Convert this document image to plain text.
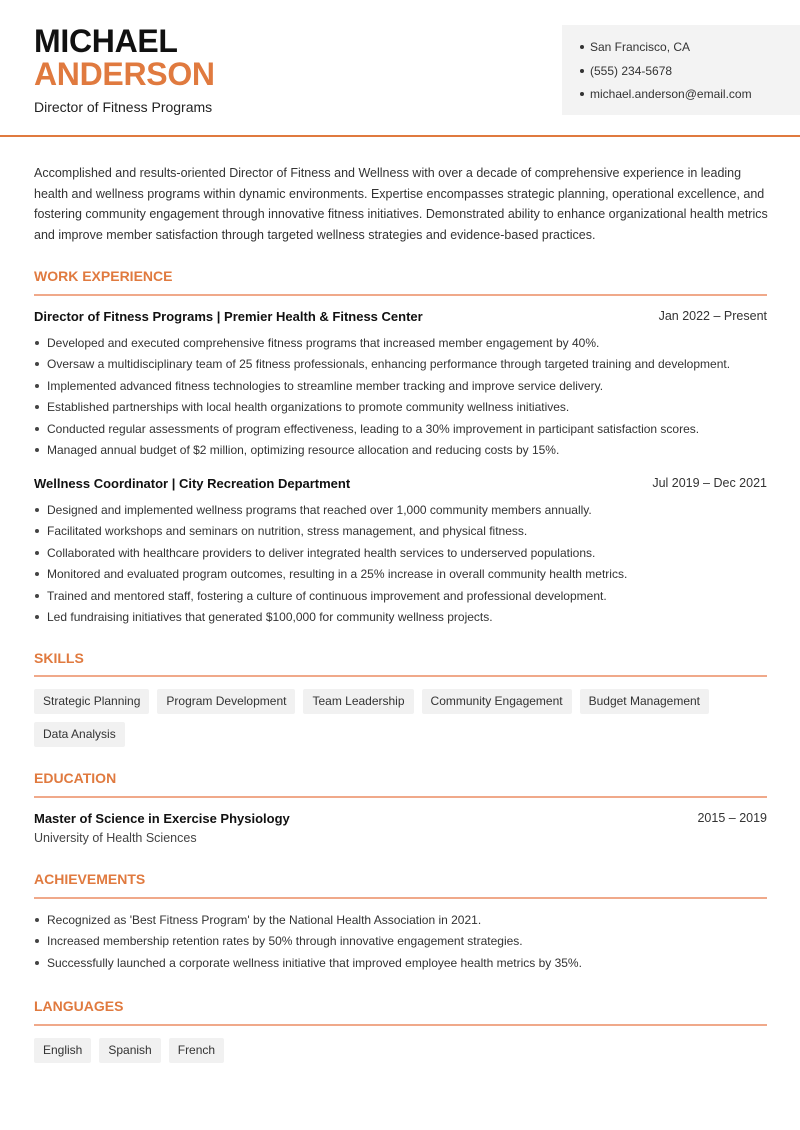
MICHAEL
ANDERSON
Director of Fitness Programs
San Francisco, CA
(555) 234-5678
michael.anderson@email.com

Accomplished and results-oriented Director of Fitness and Wellness with over a decade of comprehensive experience in leading health and wellness programs within dynamic environments. Expertise encompasses strategic planning, operational excellence, and fostering community engagement through innovative fitness initiatives. Demonstrated ability to enhance organizational health metrics and improve member satisfaction through targeted wellness strategies and evidence-based practices.

WORK EXPERIENCE
Director of Fitness Programs | Premier Health & Fitness Center	Jan 2022 – Present
Developed and executed comprehensive fitness programs that increased member engagement by 40%.
Oversaw a multidisciplinary team of 25 fitness professionals, enhancing performance through targeted training and development.
Implemented advanced fitness technologies to streamline member tracking and improve service delivery.
Established partnerships with local health organizations to promote community wellness initiatives.
Conducted regular assessments of program effectiveness, leading to a 30% improvement in participant satisfaction scores.
Managed annual budget of $2 million, optimizing resource allocation and reducing costs by 15%.
Wellness Coordinator | City Recreation Department	Jul 2019 – Dec 2021
Designed and implemented wellness programs that reached over 1,000 community members annually.
Facilitated workshops and seminars on nutrition, stress management, and physical fitness.
Collaborated with healthcare providers to deliver integrated health services to underserved populations.
Monitored and evaluated program outcomes, resulting in a 25% increase in overall community health metrics.
Trained and mentored staff, fostering a culture of continuous improvement and professional development.
Led fundraising initiatives that generated $100,000 for community wellness projects.
SKILLS
Strategic Planning	Program Development	Team Leadership	Community Engagement	Budget Management
Data Analysis
EDUCATION
Master of Science in Exercise Physiology	2015 – 2019
University of Health Sciences
ACHIEVEMENTS
Recognized as 'Best Fitness Program' by the National Health Association in 2021.
Increased membership retention rates by 50% through innovative engagement strategies.
Successfully launched a corporate wellness initiative that improved employee health metrics by 35%.
LANGUAGES
English	Spanish	French
